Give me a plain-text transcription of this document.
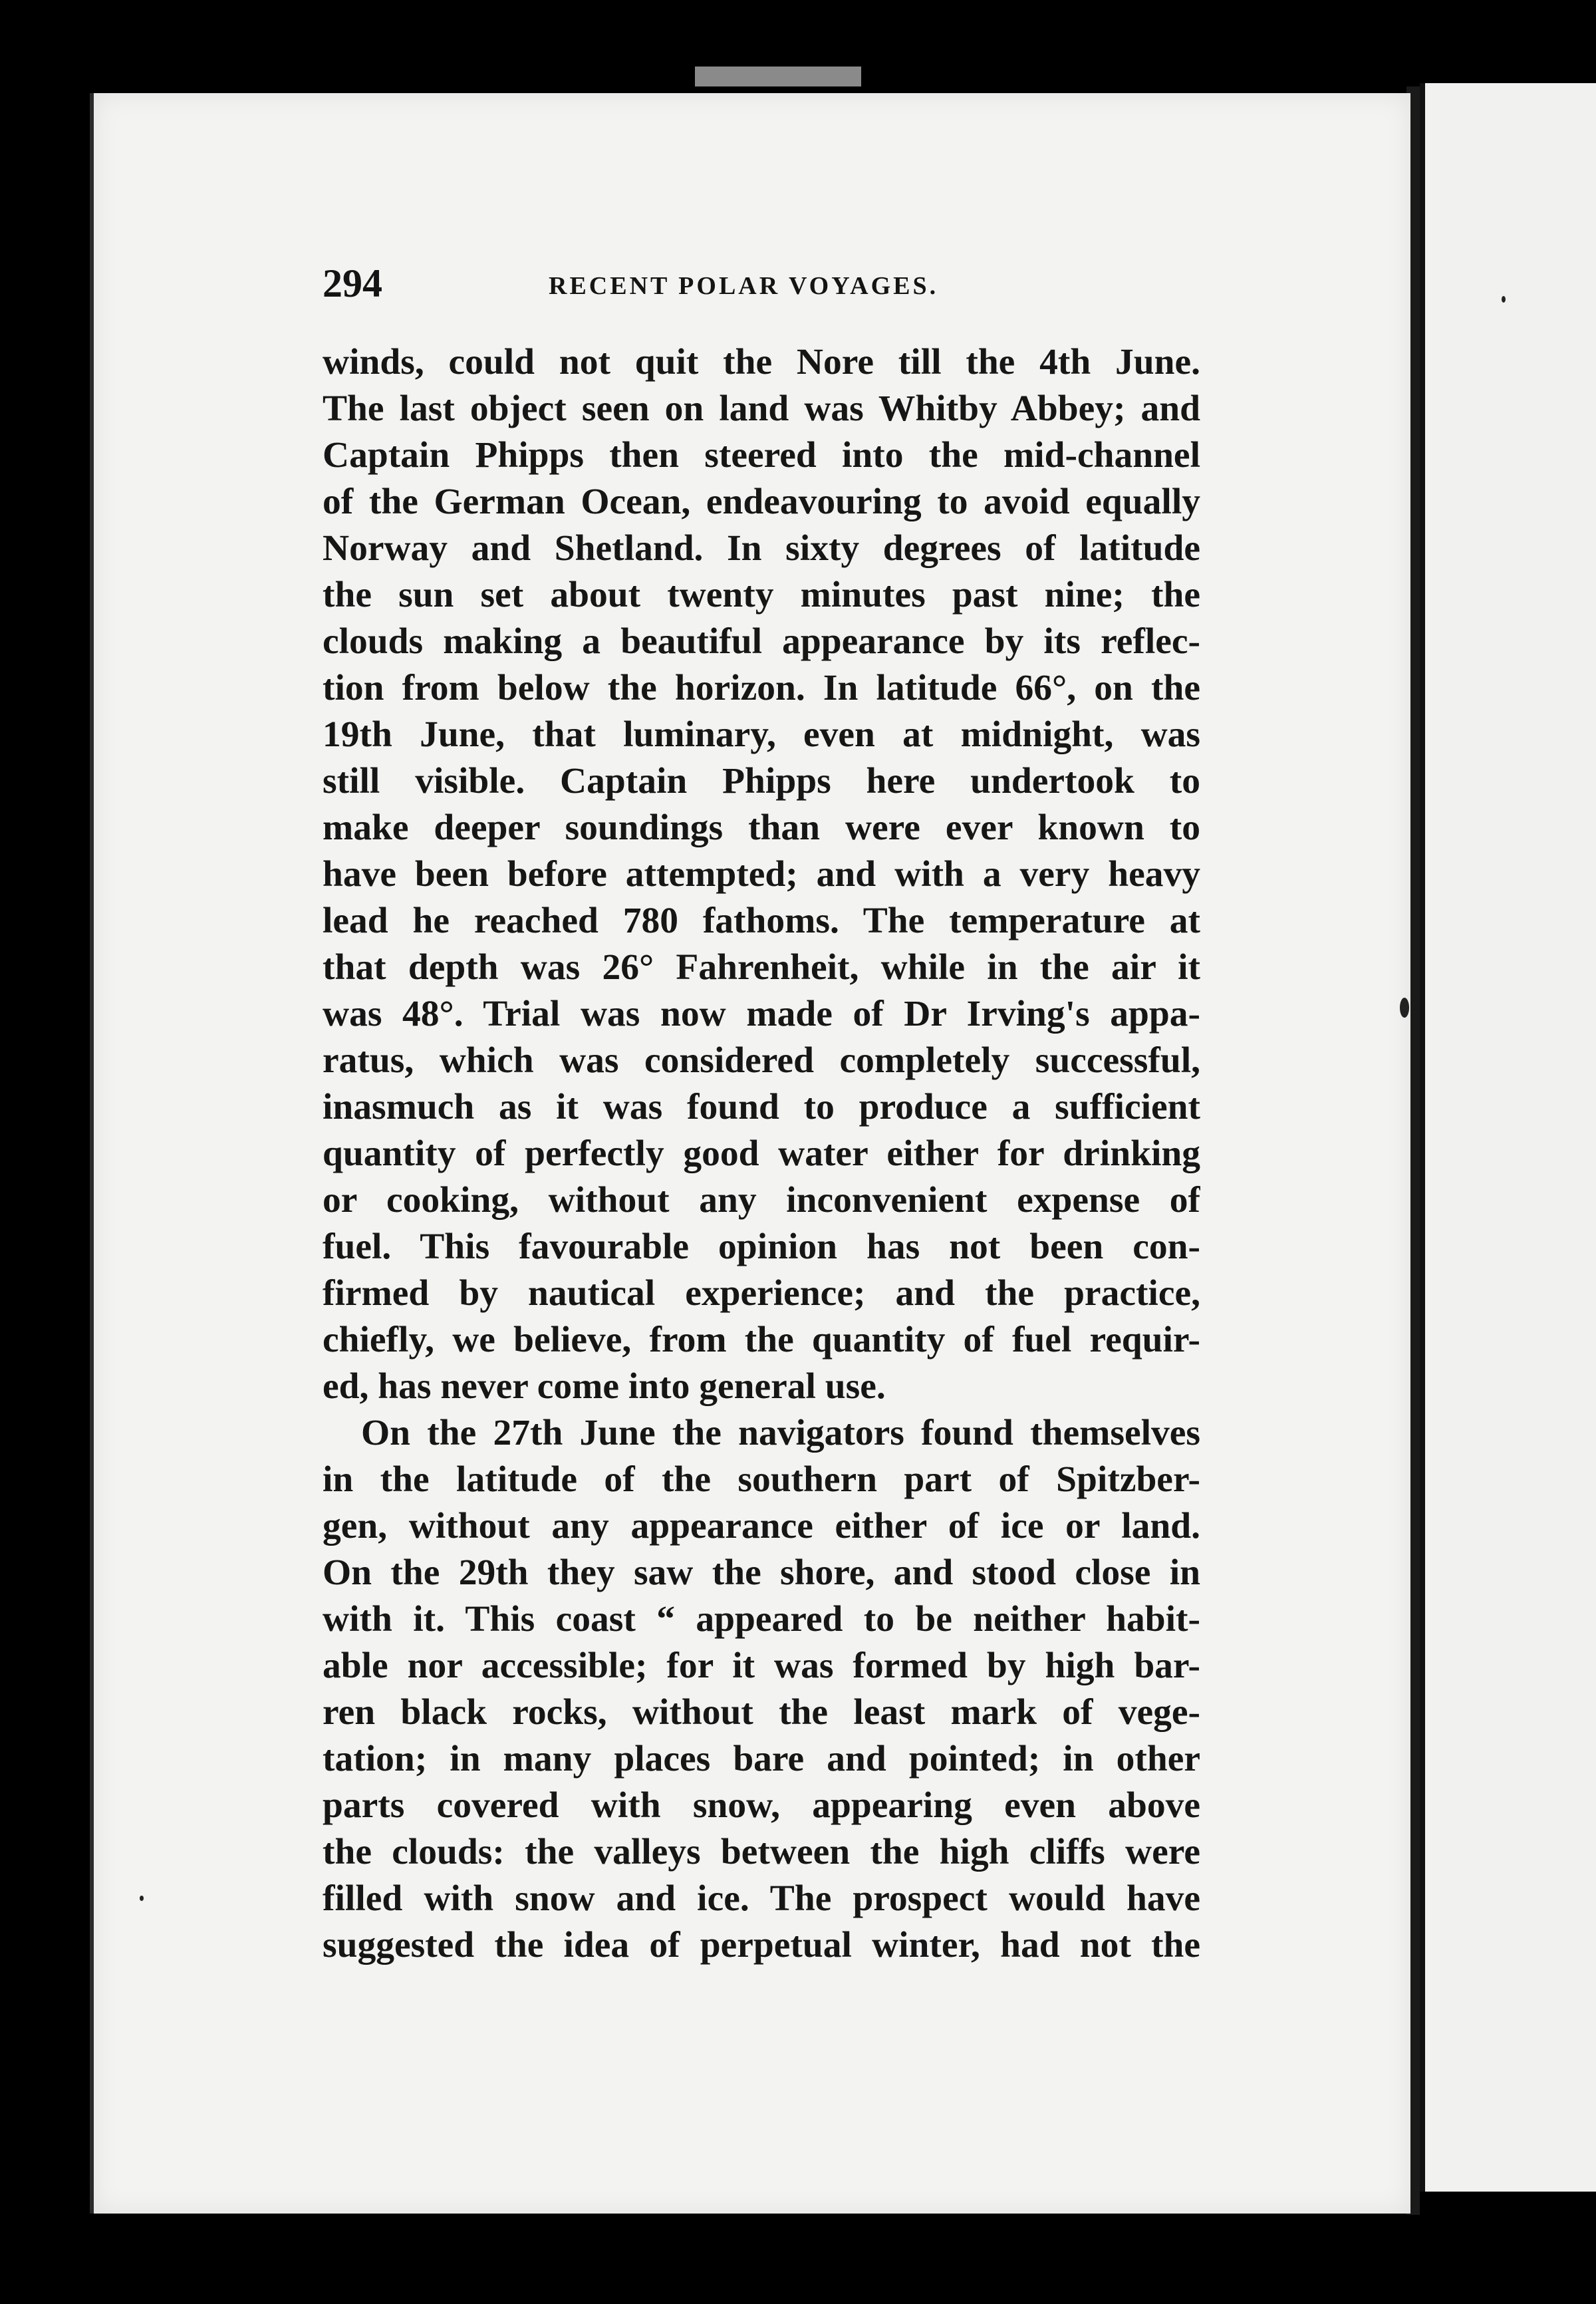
294	RECENT POLAR VOYAGES.
winds, could not quit the Nore till the 4th June.
The last object seen on land was Whitby Abbey; and
Captain Phipps then steered into the mid-channel
of the German Ocean, endeavouring to avoid equally
Norway and Shetland. In sixty degrees of latitude
the sun set about twenty minutes past nine; the
clouds making a beautiful appearance by its reflec-
tion from below the horizon. In latitude 66°, on the
19th June, that luminary, even at midnight, was
still visible. Captain Phipps here undertook to
make deeper soundings than were ever known to
have been before attempted; and with a very heavy
lead he reached 780 fathoms. The temperature at
that depth was 26° Fahrenheit, while in the air it
was 48°. Trial was now made of Dr Irving's appa-
ratus, which was considered completely successful,
inasmuch as it was found to produce a sufficient
quantity of perfectly good water either for drinking
or cooking, without any inconvenient expense of
fuel. This favourable opinion has not been con-
firmed by nautical experience; and the practice,
chiefly, we believe, from the quantity of fuel requir-
ed, has never come into general use.
On the 27th June the navigators found themselves
in the latitude of the southern part of Spitzber-
gen, without any appearance either of ice or land.
On the 29th they saw the shore, and stood close in
with it. This coast “ appeared to be neither habit-
able nor accessible; for it was formed by high bar-
ren black rocks, without the least mark of vege-
tation; in many places bare and pointed; in other
parts covered with snow, appearing even above
the clouds: the valleys between the high cliffs were
filled with snow and ice. The prospect would have
suggested the idea of perpetual winter, had not the
